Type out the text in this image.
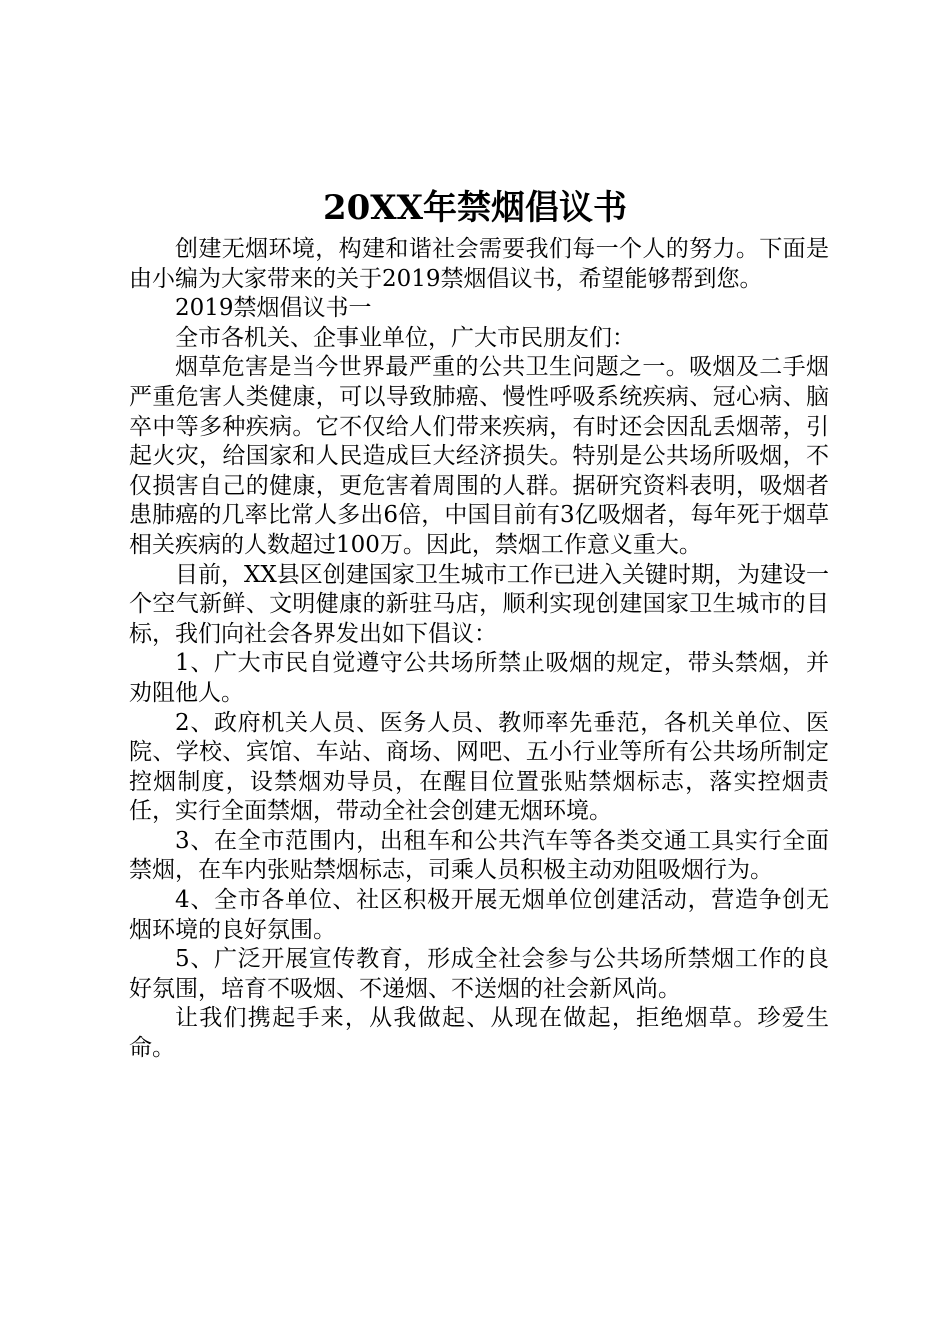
20XX年禁烟倡议书

创建无烟环境，构建和谐社会需要我们每一个人的努力。下面是由小编为大家带来的关于2019禁烟倡议书，希望能够帮到您。

2019禁烟倡议书一

全市各机关、企事业单位，广大市民朋友们：

烟草危害是当今世界最严重的公共卫生问题之一。吸烟及二手烟严重危害人类健康，可以导致肺癌、慢性呼吸系统疾病、冠心病、脑卒中等多种疾病。它不仅给人们带来疾病，有时还会因乱丢烟蒂，引起火灾，给国家和人民造成巨大经济损失。特别是公共场所吸烟，不仅损害自己的健康，更危害着周围的人群。据研究资料表明，吸烟者患肺癌的几率比常人多出6倍，中国目前有3亿吸烟者，每年死于烟草相关疾病的人数超过100万。因此，禁烟工作意义重大。

目前，XX县区创建国家卫生城市工作已进入关键时期，为建设一个空气新鲜、文明健康的新驻马店，顺利实现创建国家卫生城市的目标，我们向社会各界发出如下倡议：

1、广大市民自觉遵守公共场所禁止吸烟的规定，带头禁烟，并劝阻他人。

2、政府机关人员、医务人员、教师率先垂范，各机关单位、医院、学校、宾馆、车站、商场、网吧、五小行业等所有公共场所制定控烟制度，设禁烟劝导员，在醒目位置张贴禁烟标志，落实控烟责任，实行全面禁烟，带动全社会创建无烟环境。

3、在全市范围内，出租车和公共汽车等各类交通工具实行全面禁烟，在车内张贴禁烟标志，司乘人员积极主动劝阻吸烟行为。

4、全市各单位、社区积极开展无烟单位创建活动，营造争创无烟环境的良好氛围。

5、广泛开展宣传教育，形成全社会参与公共场所禁烟工作的良好氛围，培育不吸烟、不递烟、不送烟的社会新风尚。

让我们携起手来，从我做起、从现在做起，拒绝烟草。珍爱生命。
